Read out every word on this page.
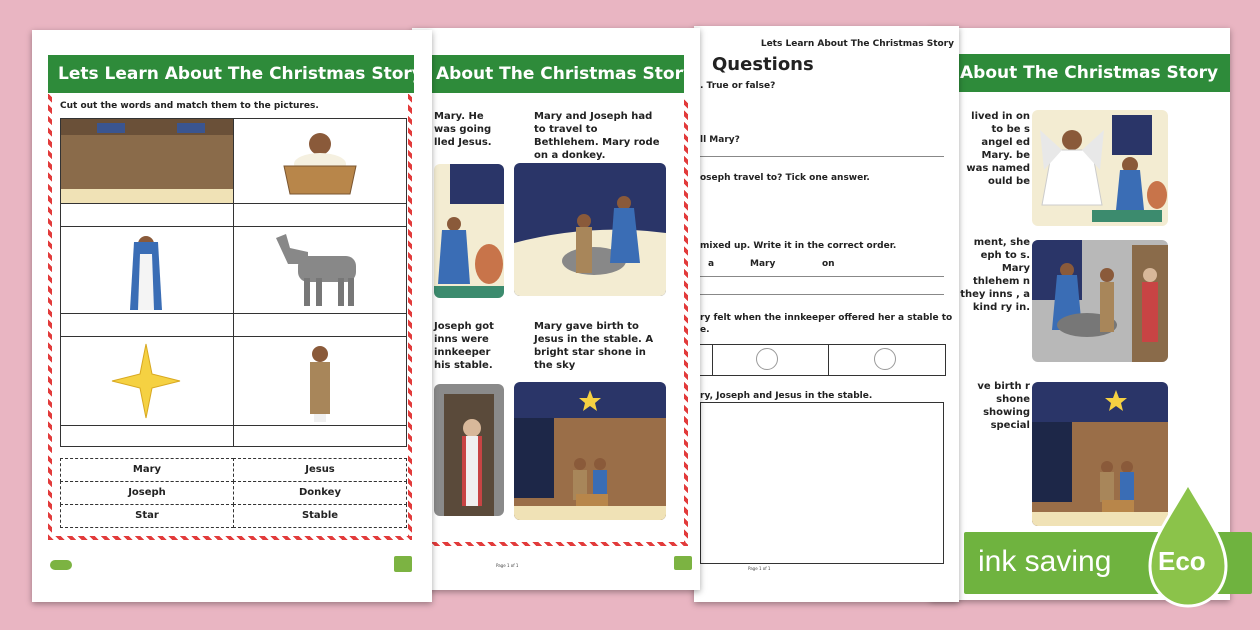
About The Christmas Story
lived in on to be s angel ed Mary. be was named ould be
ment, she eph to s. Mary thlehem n they inns , a kind ry in.
ve birth r shone showing special
Lets Learn About The Christmas Story
Questions
. True or false?
ll Mary?
oseph travel to? Tick one answer.
mixed up. Write it in the correct order.
a	Mary	on
ry felt when the innkeeper offered her a stable to
e.
ry, Joseph and Jesus in the stable.
Page 1 of 1
About The Christmas Story
Mary. He was going lled Jesus.
Mary and Joseph had to travel to Bethlehem. Mary rode on a donkey.
Joseph got inns were innkeeper his stable.
Mary gave birth to Jesus in the stable. A bright star shone in the sky
Page 1 of 1
Lets Learn About The Christmas Story
Cut out the words and match them to the pictures.
Mary	Jesus
Joseph	Donkey
Star	Stable
ink saving Eco
